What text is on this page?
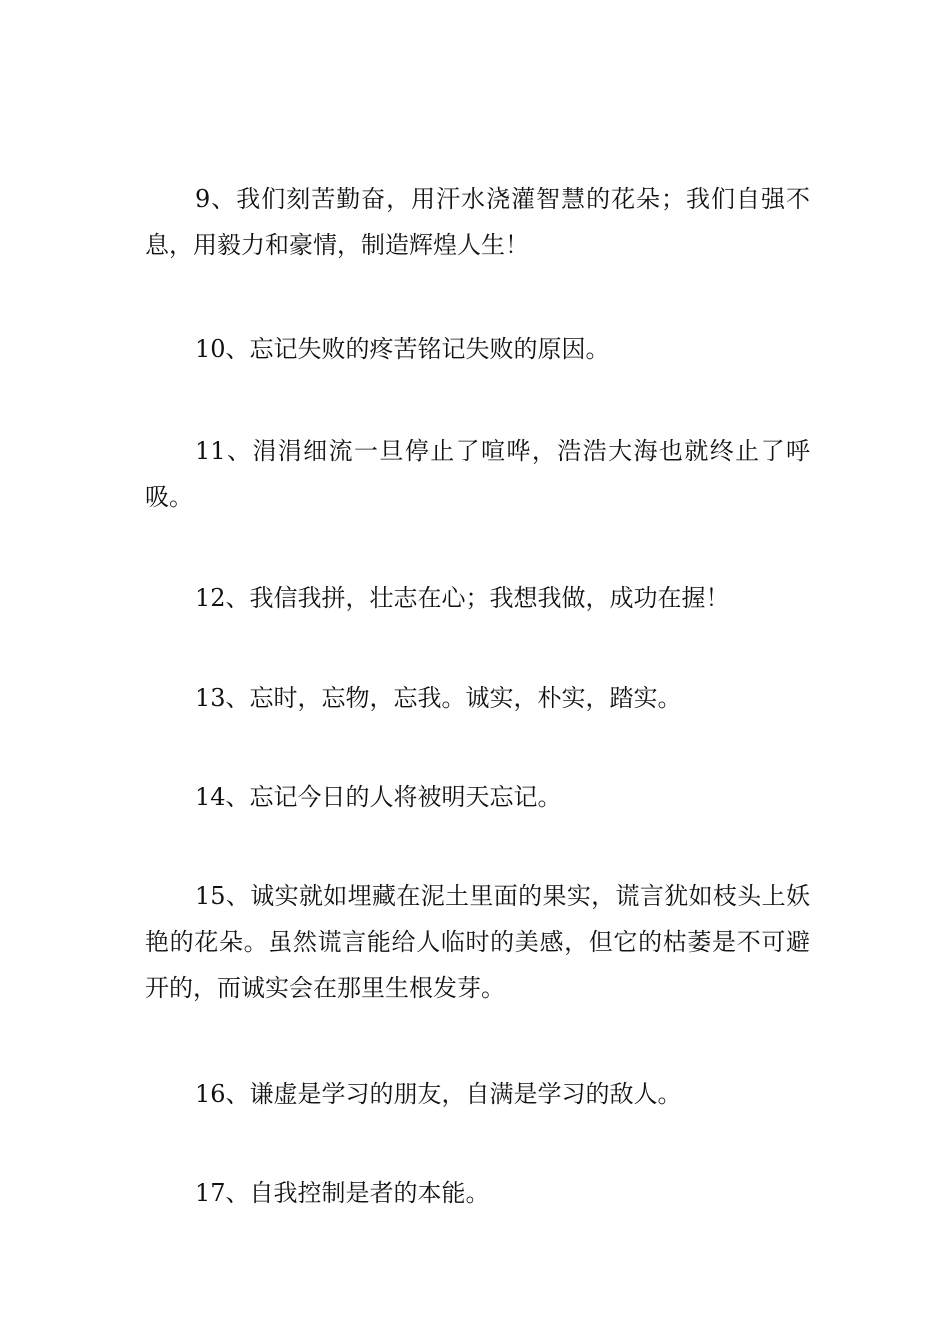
9、我们刻苦勤奋，用汗水浇灌智慧的花朵；我们自强不息，用毅力和豪情，制造辉煌人生！

10、忘记失败的疼苦铭记失败的原因。

11、涓涓细流一旦停止了喧哗，浩浩大海也就终止了呼吸。

12、我信我拼，壮志在心；我想我做，成功在握！

13、忘时，忘物，忘我。诚实，朴实，踏实。

14、忘记今日的人将被明天忘记。

15、诚实就如埋藏在泥土里面的果实，谎言犹如枝头上妖艳的花朵。虽然谎言能给人临时的美感，但它的枯萎是不可避开的，而诚实会在那里生根发芽。

16、谦虚是学习的朋友，自满是学习的敌人。

17、自我控制是者的本能。
